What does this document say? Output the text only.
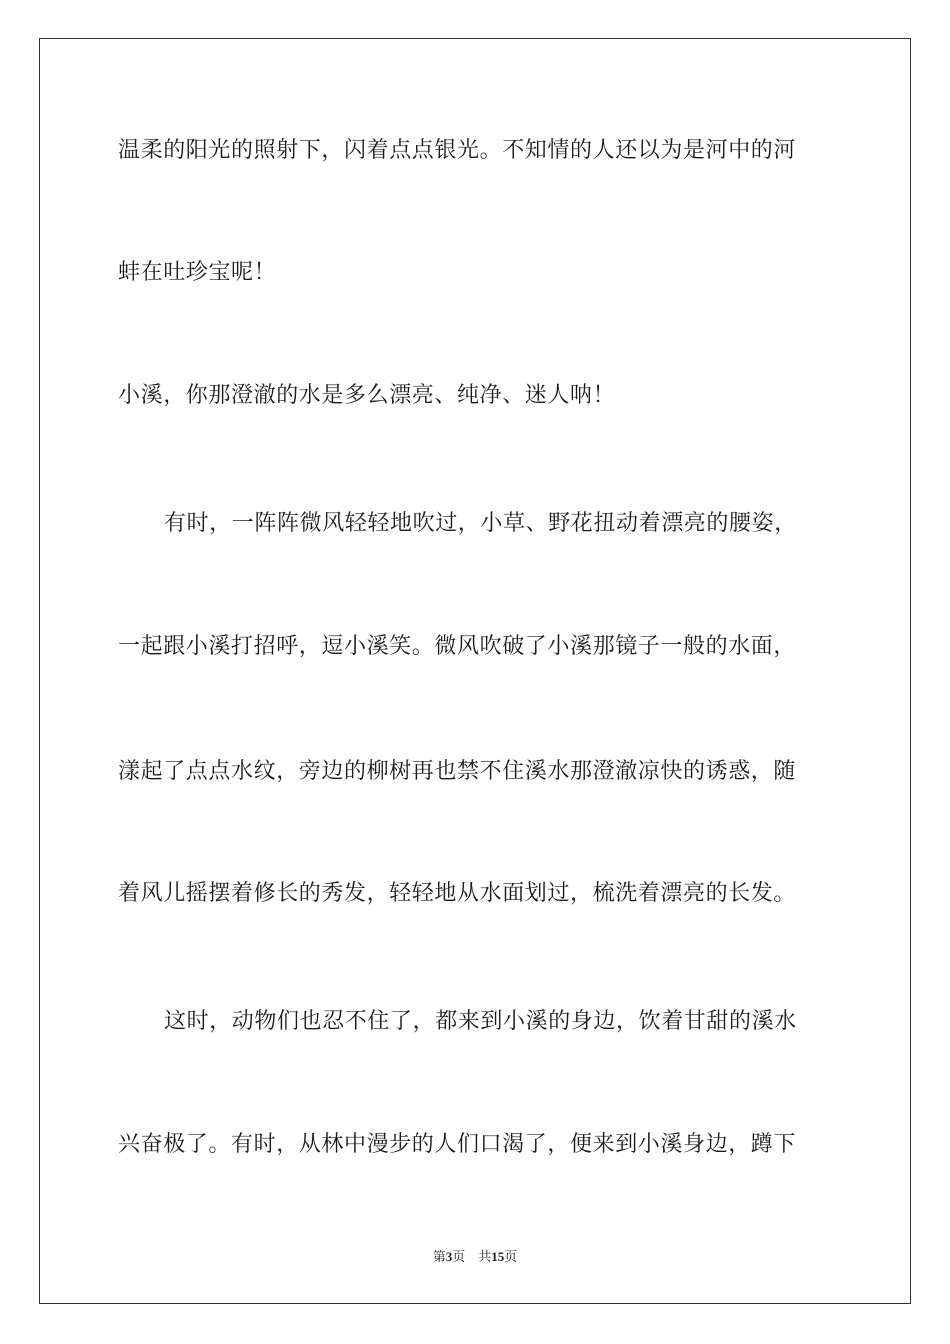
温柔的阳光的照射下，闪着点点银光。不知情的人还以为是河中的河
蚌在吐珍宝呢！
小溪，你那澄澈的水是多么漂亮、纯净、迷人呐！
有时，一阵阵微风轻轻地吹过，小草、野花扭动着漂亮的腰姿，
一起跟小溪打招呼，逗小溪笑。微风吹破了小溪那镜子一般的水面，
漾起了点点水纹，旁边的柳树再也禁不住溪水那澄澈凉快的诱惑，随
着风儿摇摆着修长的秀发，轻轻地从水面划过，梳洗着漂亮的长发。
这时，动物们也忍不住了，都来到小溪的身边，饮着甘甜的溪水
兴奋极了。有时，从林中漫步的人们口渴了，便来到小溪身边，蹲下
第3页 共15页
